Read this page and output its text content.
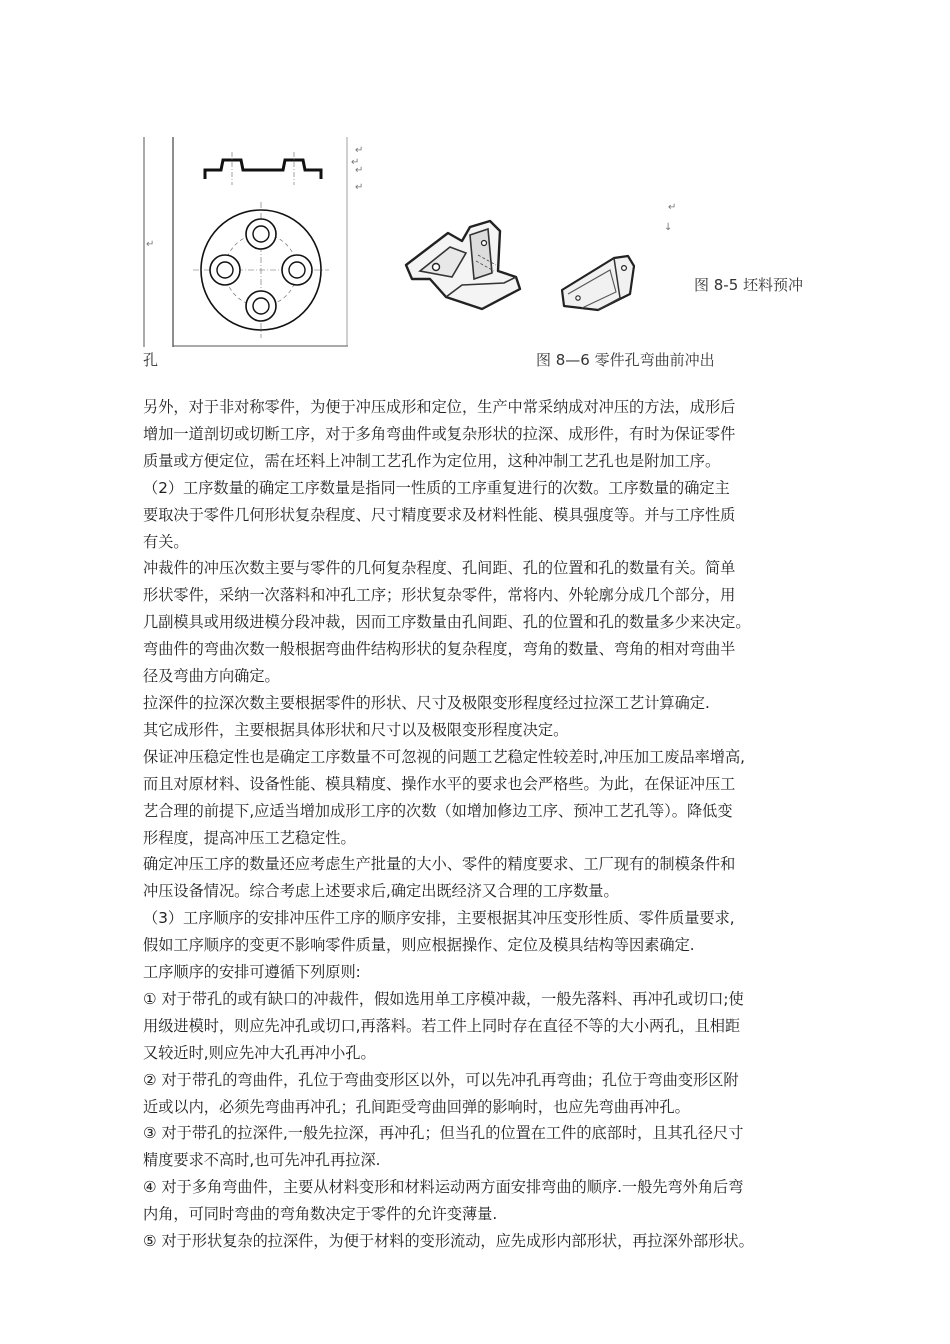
↵
↵
↵
↵
↵
↵
↓
图 8-5 坯料预冲
孔	图 8—6 零件孔弯曲前冲出

另外，对于非对称零件，为便于冲压成形和定位，生产中常采纳成对冲压的方法，成形后

增加一道剖切或切断工序，对于多角弯曲件或复杂形状的拉深、成形件，有时为保证零件

质量或方便定位，需在坯料上冲制工艺孔作为定位用，这种冲制工艺孔也是附加工序。

（2）工序数量的确定工序数量是指同一性质的工序重复进行的次数。工序数量的确定主

要取决于零件几何形状复杂程度、尺寸精度要求及材料性能、模具强度等。并与工序性质

有关。

冲裁件的冲压次数主要与零件的几何复杂程度、孔间距、孔的位置和孔的数量有关。简单

形状零件，采纳一次落料和冲孔工序；形状复杂零件，常将内、外轮廓分成几个部分，用

几副模具或用级进模分段冲裁，因而工序数量由孔间距、孔的位置和孔的数量多少来决定。

弯曲件的弯曲次数一般根据弯曲件结构形状的复杂程度，弯角的数量、弯角的相对弯曲半

径及弯曲方向确定。

拉深件的拉深次数主要根据零件的形状、尺寸及极限变形程度经过拉深工艺计算确定.

其它成形件，主要根据具体形状和尺寸以及极限变形程度决定。

保证冲压稳定性也是确定工序数量不可忽视的问题工艺稳定性较差时,冲压加工废品率增高,

而且对原材料、设备性能、模具精度、操作水平的要求也会严格些。为此，在保证冲压工

艺合理的前提下,应适当增加成形工序的次数（如增加修边工序、预冲工艺孔等）。降低变

形程度，提高冲压工艺稳定性。

确定冲压工序的数量还应考虑生产批量的大小、零件的精度要求、工厂现有的制模条件和

冲压设备情况。综合考虑上述要求后,确定出既经济又合理的工序数量。

（3）工序顺序的安排冲压件工序的顺序安排，主要根据其冲压变形性质、零件质量要求,

假如工序顺序的变更不影响零件质量，则应根据操作、定位及模具结构等因素确定.

工序顺序的安排可遵循下列原则:

① 对于带孔的或有缺口的冲裁件，假如选用单工序模冲裁，一般先落料、再冲孔或切口;使

用级进模时，则应先冲孔或切口,再落料。若工件上同时存在直径不等的大小两孔，且相距

又较近时,则应先冲大孔再冲小孔。

② 对于带孔的弯曲件，孔位于弯曲变形区以外，可以先冲孔再弯曲；孔位于弯曲变形区附

近或以内，必须先弯曲再冲孔；孔间距受弯曲回弹的影响时，也应先弯曲再冲孔。

③ 对于带孔的拉深件,一般先拉深，再冲孔；但当孔的位置在工件的底部时，且其孔径尺寸

精度要求不高时,也可先冲孔再拉深.

④ 对于多角弯曲件，主要从材料变形和材料运动两方面安排弯曲的顺序.一般先弯外角后弯

内角，可同时弯曲的弯角数决定于零件的允许变薄量.

⑤ 对于形状复杂的拉深件，为便于材料的变形流动，应先成形内部形状，再拉深外部形状。
